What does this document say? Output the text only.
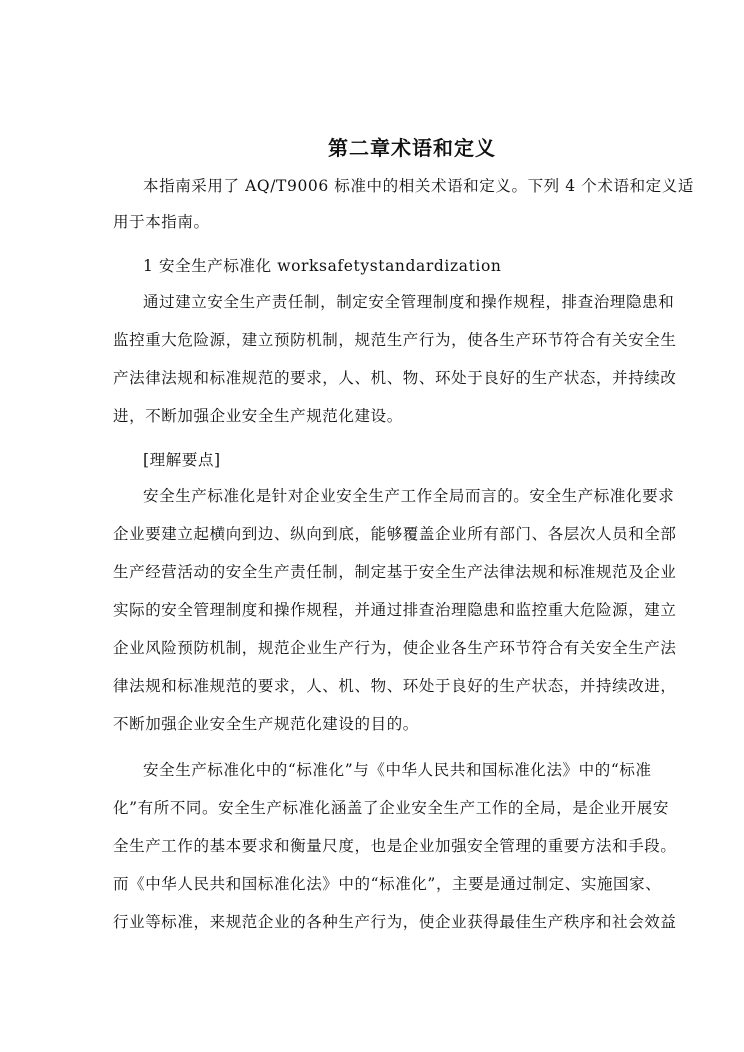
第二章术语和定义

本指南采用了 AQ/T9006 标准中的相关术语和定义。下列 4 个术语和定义适

用于本指南。

1 安全生产标准化 worksafetystandardization

通过建立安全生产责任制，制定安全管理制度和操作规程，排查治理隐患和

监控重大危险源，建立预防机制，规范生产行为，使各生产环节符合有关安全生

产法律法规和标准规范的要求，人、机、物、环处于良好的生产状态，并持续改

进，不断加强企业安全生产规范化建设。

[理解要点]

安全生产标准化是针对企业安全生产工作全局而言的。安全生产标准化要求

企业要建立起横向到边、纵向到底，能够覆盖企业所有部门、各层次人员和全部

生产经营活动的安全生产责任制，制定基于安全生产法律法规和标准规范及企业

实际的安全管理制度和操作规程，并通过排查治理隐患和监控重大危险源，建立

企业风险预防机制，规范企业生产行为，使企业各生产环节符合有关安全生产法

律法规和标准规范的要求，人、机、物、环处于良好的生产状态，并持续改进，

不断加强企业安全生产规范化建设的目的。

安全生产标准化中的“标准化”与《中华人民共和国标准化法》中的“标准

化”有所不同。安全生产标准化涵盖了企业安全生产工作的全局，是企业开展安

全生产工作的基本要求和衡量尺度，也是企业加强安全管理的重要方法和手段。

而《中华人民共和国标准化法》中的“标准化”，主要是通过制定、实施国家、

行业等标准，来规范企业的各种生产行为，使企业获得最佳生产秩序和社会效益
